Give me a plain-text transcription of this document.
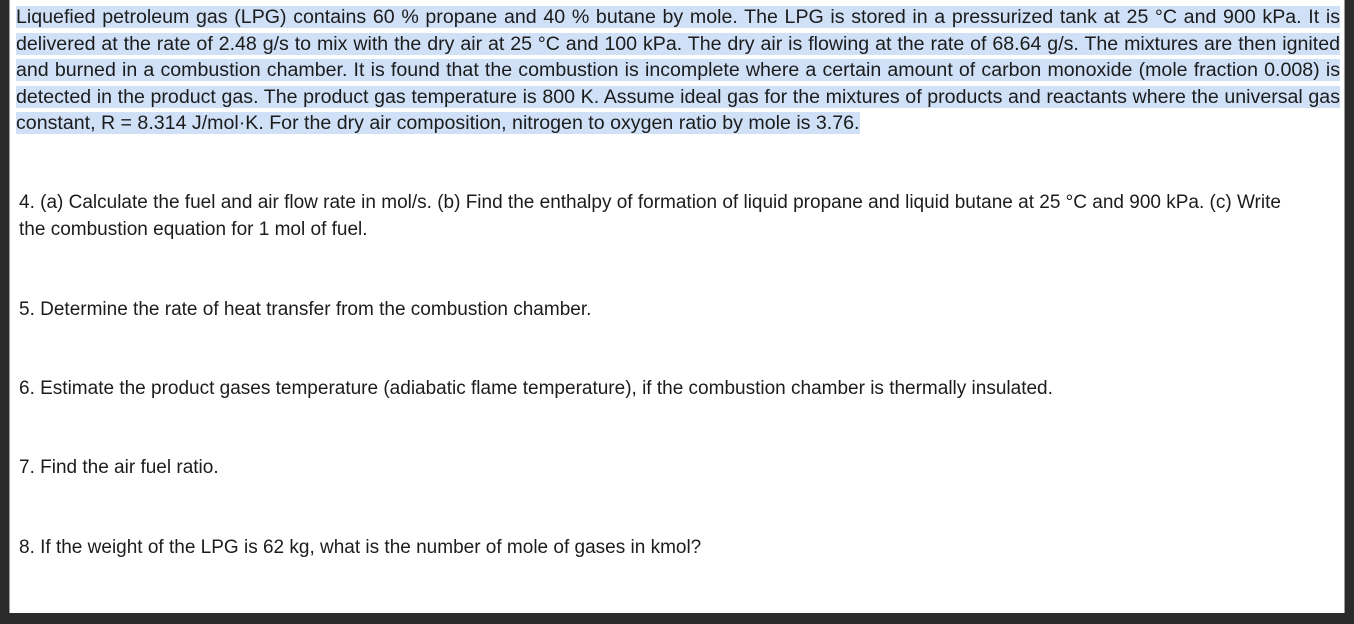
Liquefied petroleum gas (LPG) contains 60 % propane and 40 % butane by mole. The LPG is stored in a pressurized tank at 25 °C and 900 kPa. It is delivered at the rate of 2.48 g/s to mix with the dry air at 25 °C and 100 kPa. The dry air is flowing at the rate of 68.64 g/s. The mixtures are then ignited and burned in a combustion chamber. It is found that the combustion is incomplete where a certain amount of carbon monoxide (mole fraction 0.008) is detected in the product gas. The product gas temperature is 800 K. Assume ideal gas for the mixtures of products and reactants where the universal gas constant, R = 8.314 J/mol·K. For the dry air composition, nitrogen to oxygen ratio by mole is 3.76.
4. (a) Calculate the fuel and air flow rate in mol/s. (b) Find the enthalpy of formation of liquid propane and liquid butane at 25 °C and 900 kPa. (c) Write the combustion equation for 1 mol of fuel.
5. Determine the rate of heat transfer from the combustion chamber.
6. Estimate the product gases temperature (adiabatic flame temperature), if the combustion chamber is thermally insulated.
7. Find the air fuel ratio.
8. If the weight of the LPG is 62 kg, what is the number of mole of gases in kmol?
